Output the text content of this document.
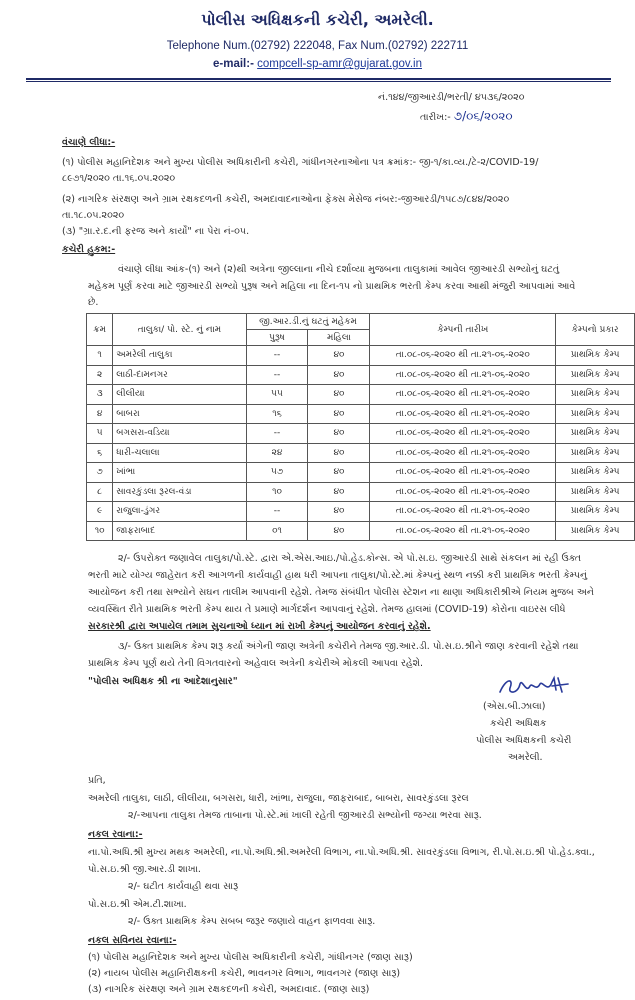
પોલીસ અધિક્ષકની કચેરી, અમરેલી.
Telephone Num.(02792) 222048, Fax Num.(02792) 222711
e-mail:- compcell-sp-amr@gujarat.gov.in
નં.૧૪૪/જીઆરડી/ભરતી/ ૪૫૩૬/૨૦૨૦
તારીખ:- ૭/૦૬/૨૦૨૦
વંચાણે લીધા:-
(૧) પોલીસ મહાનિદેશક અને મુખ્ય પોલીસ અધિકારીની કચેરી, ગાંધીનગરનાઓના પત્ર ક્રમાંક:- જી-૧/કા.વ્ય./ટે-૨/COVID-19/
૮૯૭૧/૨૦૨૦ તા.૧૬.૦૫.૨૦૨૦
(૨) નાગરિક સંરક્ષણ અને ગ્રામ રક્ષકદળની કચેરી, અમદાવાદનાઓના ફેક્સ મેસેજ નંબર:-જીઆરડી/૧૫૮૭/૮૪૪/૨૦૨૦
તા.૧૮.૦૫.૨૦૨૦
(૩) "ગ્રા.ર.દ.ની ફરજ અને કાર્યો" ના પેરા નં-૦૫.
કચેરી હુકમ:-
વંચાણે લીધા આંક-(૧) અને (૨)થી અત્રેના જીલ્લાના નીચે દર્શાવ્યા મુજબના તાલુકામાં આવેલ જીઆરડી સભ્યોનું ઘટતું
મહેકમ પૂર્ણ કરવા માટે જીઆરડી સભ્યો પુરૂષ અને મહિલા ના દિન-૧૫ નો પ્રાથમિક ભરતી કેમ્પ કરવા આથી મંજુરી આપવામાં આવે
છે.
ક્રમ	તાલુકા/ પો. સ્ટે. નું નામ	જી.આર.ડી.નું ઘટતું મહેકમ		કેમ્પની તારીખ	કેમ્પનો પ્રકાર
		પુરૂષ	મહિલા		
૧	અમરેલી તાલુકા	--	૪૦	તા.૦૮-૦૬-૨૦૨૦ થી તા.૨૧-૦૬-૨૦૨૦	પ્રાથમિક કેમ્પ
૨	લાઠી-દામનગર	--	૪૦	તા.૦૮-૦૬-૨૦૨૦ થી તા.૨૧-૦૬-૨૦૨૦	પ્રાથમિક કેમ્પ
૩	લીલીયા	૫૫	૪૦	તા.૦૮-૦૬-૨૦૨૦ થી તા.૨૧-૦૬-૨૦૨૦	પ્રાથમિક કેમ્પ
૪	બાબરા	૧૬	૪૦	તા.૦૮-૦૬-૨૦૨૦ થી તા.૨૧-૦૬-૨૦૨૦	પ્રાથમિક કેમ્પ
૫	બગસરા-વડિયા	--	૪૦	તા.૦૮-૦૬-૨૦૨૦ થી તા.૨૧-૦૬-૨૦૨૦	પ્રાથમિક કેમ્પ
૬	ધારી-ચલાલા	૨૪	૪૦	તા.૦૮-૦૬-૨૦૨૦ થી તા.૨૧-૦૬-૨૦૨૦	પ્રાથમિક કેમ્પ
૭	ખાંભા	૫૭	૪૦	તા.૦૮-૦૬-૨૦૨૦ થી તા.૨૧-૦૬-૨૦૨૦	પ્રાથમિક કેમ્પ
૮	સાવરકુંડલા રૂરલ-વંડા	૧૦	૪૦	તા.૦૮-૦૬-૨૦૨૦ થી તા.૨૧-૦૬-૨૦૨૦	પ્રાથમિક કેમ્પ
૯	રાજુલા-ડુંગર	--	૪૦	તા.૦૮-૦૬-૨૦૨૦ થી તા.૨૧-૦૬-૨૦૨૦	પ્રાથમિક કેમ્પ
૧૦	જાફરાબાદ	૦૧	૪૦	તા.૦૮-૦૬-૨૦૨૦ થી તા.૨૧-૦૬-૨૦૨૦	પ્રાથમિક કેમ્પ
૨/- ઉપરોક્ત જણાવેલ તાલુકા/પો.સ્ટે. દ્વારા એ.એસ.આઇ./પો.હેડ.કોન્સ. એ પો.સ.ઇ. જીઆરડી સાથે સંકલન માં રહી ઉક્ત
ભરતી માટે યોગ્ય જાહેરાત કરી આગળની કાર્યવાહી હાથ ધરી આપના તાલુકા/પો.સ્ટે.માં કેમ્પનું સ્થળ નક્કી કરી પ્રાથમિક ભરતી કેમ્પનું
આયોજન કરી તથા સભ્યોને સઘન તાલીમ આપવાની રહેશે. તેમજ સંબંધીત પોલીસ સ્ટેશન ના થાણા અધિકારીશ્રીએ નિયમ મુજબ અને
વ્યવસ્થિત રીતે પ્રાથમિક ભરતી કેમ્પ થાય તે પ્રમાણે માર્ગદર્શન આપવાનું રહેશે. તેમજ હાલમાં (COVID-19) કોરોના વાઇરસ લીધે
સરકારશ્રી દ્વારા અપાયેલ તમામ સુચનાઓ ધ્યાન માં રાખી કેમ્પનું આયોજન કરવાનું રહેશે.
૩/- ઉક્ત પ્રાથમિક કેમ્પ શરૂ કર્યા અંગેની જાણ અત્રેની કચેરીને તેમજ જી.આર.ડી. પો.સ.ઇ.શ્રીને જાણ કરવાની રહેશે તથા
પ્રાથમિક કેમ્પ પૂર્ણ થયે તેની વિગતવારનો અહેવાલ અત્રેની કચેરીએ મોકલી આપવા રહેશે.
"પોલીસ અધિક્ષક શ્રી ના આદેશાનુસાર"
(એસ.બી.ઝાલા)
કચેરી અધિક્ષક
પોલીસ અધિક્ષકની કચેરી
અમરેલી.
પ્રતિ,
અમરેલી તાલુકા, લાઠી, લીલીયા, બગસરા, ધારી, ખાંભા, રાજુલા, જાફરાબાદ, બાબરા, સાવરકુંડલા રૂરલ
૨/-આપના તાલુકા તેમજ તાબાના પો.સ્ટે.માં ખાલી રહેતી જીઆરડી સભ્યોની જગ્યા ભરવા સારૂ.
નકલ રવાના:-
ના.પો.અધિ.શ્રી મુખ્ય મથક અમરેલી, ના.પો.અધિ.શ્રી.અમરેલી વિભાગ, ના.પો.અધિ.શ્રી. સાવરકુંડલા વિભાગ, રી.પો.સ.ઇ.શ્રી પો.હેડ.ક્વા.,
પો.સ.ઇ.શ્રી જી.આર.ડી શાખા.
૨/- ઘટીત કાર્યવાહી થવા સારૂ
પો.સ.ઇ.શ્રી એમ.ટી.શાખા.
૨/- ઉક્ત પ્રાથમિક કેમ્પ સબબ જરૂર જણાયે વાહન ફાળવવા સારૂ.
નકલ સવિનય રવાના:-
(૧) પોલીસ મહાનિદેશક અને મુખ્ય પોલીસ અધિકારીની કચેરી, ગાંધીનગર (જાણ સારૂ)
(૨) નાયબ પોલીસ મહાનિરીક્ષકની કચેરી, ભાવનગર વિભાગ, ભાવનગર (જાણ સારૂ)
(૩) નાગરિક સંરક્ષણ અને ગ્રામ રક્ષકદળની કચેરી, અમદાવાદ. (જાણ સારૂ)
